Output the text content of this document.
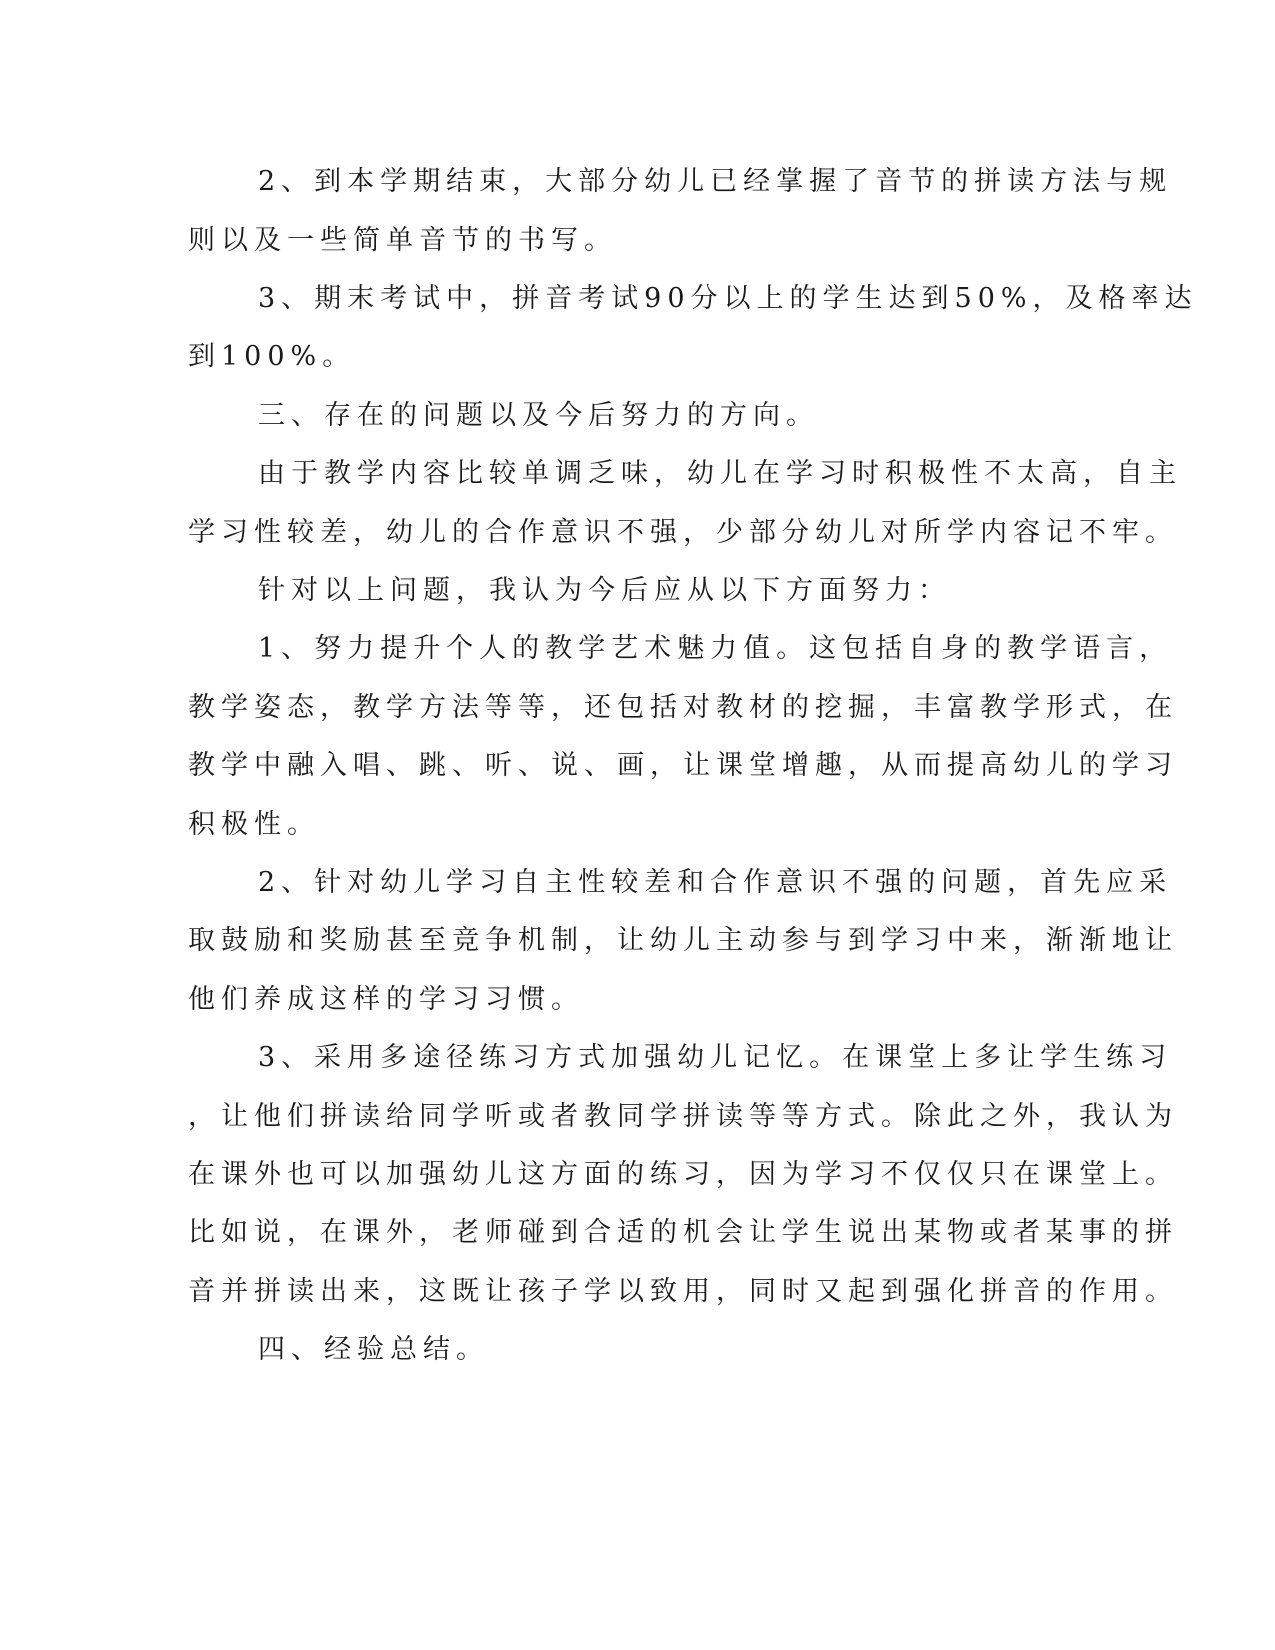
2、到本学期结束，大部分幼儿已经掌握了音节的拼读方法与规
则以及一些简单音节的书写。
3、期末考试中，拼音考试90分以上的学生达到50%，及格率达
到100%。
三、存在的问题以及今后努力的方向。
由于教学内容比较单调乏味，幼儿在学习时积极性不太高，自主
学习性较差，幼儿的合作意识不强，少部分幼儿对所学内容记不牢。
针对以上问题，我认为今后应从以下方面努力：
1、努力提升个人的教学艺术魅力值。这包括自身的教学语言，
教学姿态，教学方法等等，还包括对教材的挖掘，丰富教学形式，在
教学中融入唱、跳、听、说、画，让课堂增趣，从而提高幼儿的学习
积极性。
2、针对幼儿学习自主性较差和合作意识不强的问题，首先应采
取鼓励和奖励甚至竞争机制，让幼儿主动参与到学习中来，渐渐地让
他们养成这样的学习习惯。
3、采用多途径练习方式加强幼儿记忆。在课堂上多让学生练习
，让他们拼读给同学听或者教同学拼读等等方式。除此之外，我认为
在课外也可以加强幼儿这方面的练习，因为学习不仅仅只在课堂上。
比如说，在课外，老师碰到合适的机会让学生说出某物或者某事的拼
音并拼读出来，这既让孩子学以致用，同时又起到强化拼音的作用。
四、经验总结。
